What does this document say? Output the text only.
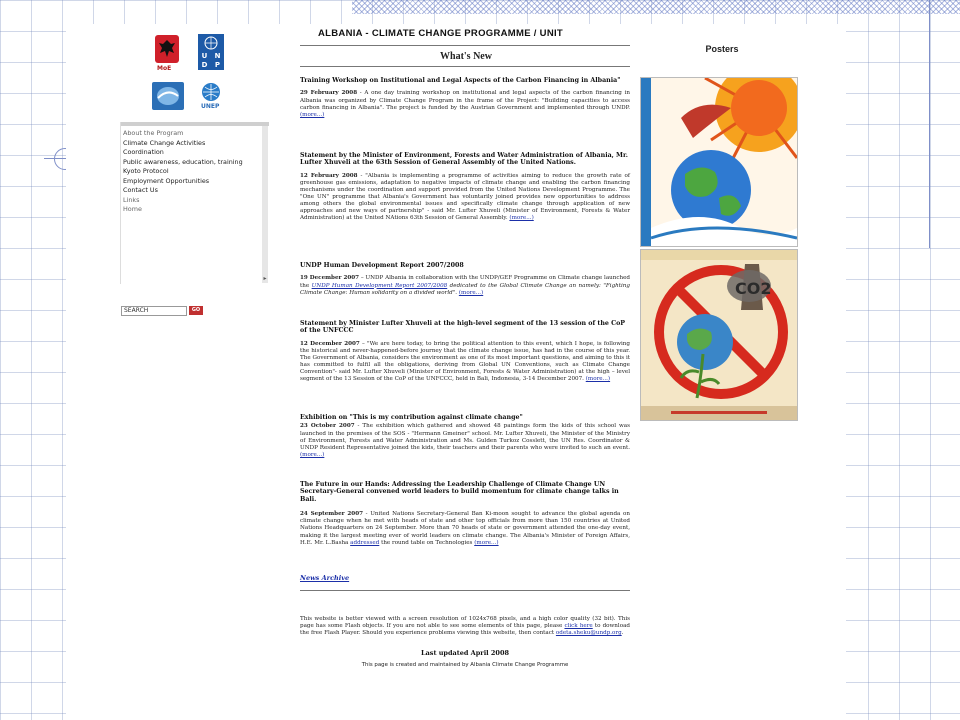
MoE
U	N
D	P
UNEP
About the Program
Climate Change Activities
Coordination
Public awareness, education, training
Kyoto Protocol
Employment Opportunities
Contact Us
Links
Home
▸
SEARCH	GO
ALBANIA - CLIMATE CHANGE PROGRAMME / UNIT
What's New
Training Workshop on Institutional and Legal Aspects of the Carbon Financing in Albania"

29 February 2008 - A one day training workshop on institutional and legal aspects of the carbon financing in Albania was organized by Climate Change Program in the frame of the Project: "Building capacities to access carbon financing in Albania". The project is funded by the Austrian Government and implemented through UNDP. (more...)

Statement by the Minister of Environment, Forests and Water Administration of Albania, Mr. Lufter Xhuveli at the 63th Session of General Assembly of the United Nations.

12 February 2008 - "Albania is implementing a programme of activities aiming to reduce the growth rate of greenhouse gas emissions, adaptation to negative impacts of climate change and enabling the carbon financing mechanisms under the coordination and support provided from the United Nations Development Programme. The "One UN" programme that Albania's Government has voluntarily joined provides new opportunities to address among others the global environmental issues and specifically climate change through application of new approaches and new ways of partnership" - said Mr. Lufter Xhuveli (Minister of Environment, Forests & Water Administration) at the United NAtions 63th Session of General Assembly. (more...)

UNDP Human Development Report 2007/2008

19 December 2007 – UNDP Albania in collaboration with the UNDP/GEF Programme on Climate change launched the UNDP Human Development Report 2007/2008 dedicated to the Global Climate Change an namely: "Fighting Climate Change: Human solidarity on a divided world". (more...)

Statement by Minister Lufter Xhuveli at the high-level segment of the 13 session of the CoP of the UNFCCC

12 December 2007 – "We are here today, to bring the political attention to this event, which I hope, is following the historical and never-happened-before journey that the climate change issue, has had in the course of this year. The Government of Albania, considers the environment as one of its most important questions, and aiming to this it has committed to fulfil all the obligations, deriving from Global UN Conventions, such as Climate Change Convention"- said Mr. Lufter Xhuveli (Minister of Environment, Forests & Water Administration) at the high – level segment of the 13 Session of the CoP of the UNFCCC, held in Bali, Indonesia, 3-14 December 2007. (more...)

Exhibition on "This is my contribution against climate change"

23 October 2007 - The exhibition which gathered and showed 48 paintings form the kids of this school was launched in the premises of the SOS - "Hermann Gmeiner" school. Mr. Lufter Xhuveli, the Minister of the Ministry of Environment, Forests and Water Administration and Ms. Gulden Turkoz Cosslett, the UN Res. Coordinator & UNDP Resident Representative joined the kids, their teachers and their parents who were invited to such an event. (more...)

The Future in our Hands: Addressing the Leadership Challenge of Climate Change UN Secretary-General convened world leaders to build momentum for climate change talks in Bali.

24 September 2007 - United Nations Secretary-General Ban Ki-moon sought to advance the global agenda on climate change when he met with heads of state and other top officials from more than 150 countries at United Nations Headquarters on 24 September. More than 70 heads of state or government attended the one-day event, making it the largest meeting ever of world leaders on climate change. The Albania's Minister of Foreign Affairs, H.E. Mr. L.Basha addressed the round table on Technologies (more...)

News Archive
This website is better viewed with a screen resolution of 1024x768 pixels, and a high color quality (32 bit). This page has some Flash objects. If you are not able to see some elements of this page, please click here to download the free Flash Player. Should you experience problems viewing this website, then contact odeta.sheku@undp.org.
Last updated April 2008
This page is created and maintained by Albania Climate Change Programme
Posters
CO2
